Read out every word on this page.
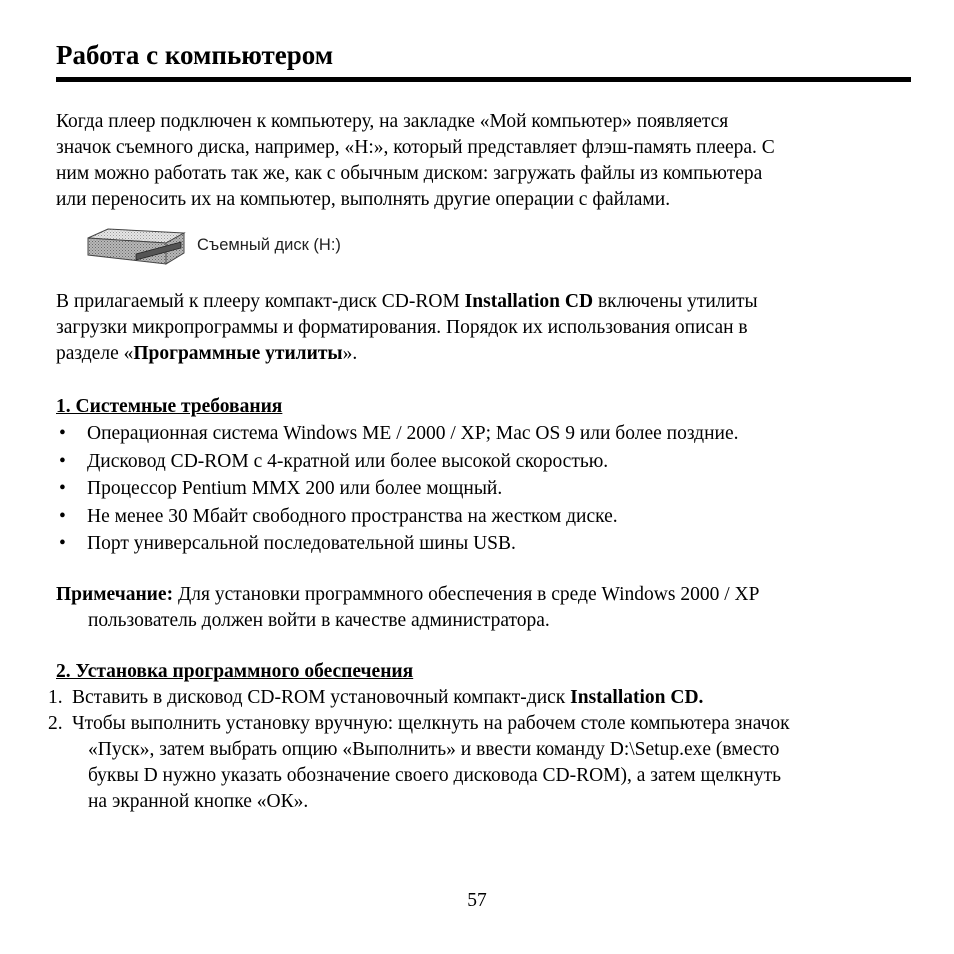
Работа с компьютером

Когда плеер подключен к компьютеру, на закладке «Мой компьютер» появляется
значок съемного диска, например, «H:», который представляет флэш-память плеера. С
ним можно работать так же, как с обычным диском: загружать файлы из компьютера
или переносить их на компьютер, выполнять другие операции с файлами.

Съемный диск (H:)

В прилагаемый к плееру компакт-диск CD-ROM Installation CD включены утилиты
загрузки микропрограммы и форматирования. Порядок их использования описан в
разделе «Программные утилиты».

1. Системные требования
• Операционная система Windows ME / 2000 / XP; Mac OS 9 или более поздние.
• Дисковод CD-ROM с 4-кратной или более высокой скоростью.
• Процессор Pentium MMX 200 или более мощный.
• Не менее 30 Мбайт свободного пространства на жестком диске.
• Порт универсальной последовательной шины USB.
Примечание: Для установки программного обеспечения в среде Windows 2000 / XP
пользователь должен войти в качестве администратора.
2. Установка программного обеспечения
1. Вставить в дисковод CD-ROM установочный компакт-диск Installation CD.
2. Чтобы выполнить установку вручную: щелкнуть на рабочем столе компьютера значок
«Пуск», затем выбрать опцию «Выполнить» и ввести команду D:\Setup.exe (вместо
буквы D нужно указать обозначение своего дисковода CD-ROM), а затем щелкнуть
на экранной кнопке «ОК».
57
